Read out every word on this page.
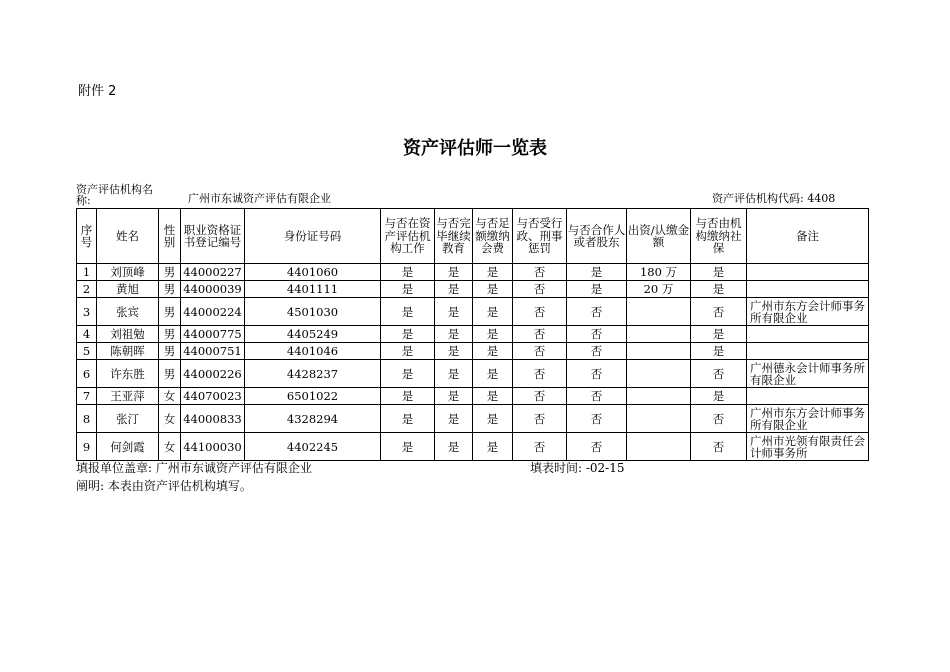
附件 2
资产评估师一览表
资产评估机构名称:	广州市东诚资产评估有限企业	资产评估机构代码: 4408
序号	姓名	性别	职业资格证书登记编号	身份证号码	与否在资产评估机构工作	与否完毕继续教育	与否足额缴纳会费	与否受行政、刑事惩罚	与否合作人或者股东	出资/认缴金额	与否由机构缴纳社保	备注
1	刘顶峰	男	44000227	4401060	是	是	是	否	是	180 万	是	
2	黄旭	男	44000039	4401111	是	是	是	否	是	20 万	是	
3	张宾	男	44000224	4501030	是	是	是	否	否		否	广州市东方会计师事务所有限企业
4	刘祖勉	男	44000775	4405249	是	是	是	否	否		是	
5	陈朝晖	男	44000751	4401046	是	是	是	否	否		是	
6	许东胜	男	44000226	4428237	是	是	是	否	否		否	广州德永会计师事务所有限企业
7	王亚萍	女	44070023	6501022	是	是	是	否	否		是	
8	张汀	女	44000833	4328294	是	是	是	否	否		否	广州市东方会计师事务所有限企业
9	何剑霞	女	44100030	4402245	是	是	是	否	否		否	广州市光领有限责任会计师事务所
填报单位盖章: 广州市东诚资产评估有限企业	填表时间: -02-15
阐明: 本表由资产评估机构填写。
